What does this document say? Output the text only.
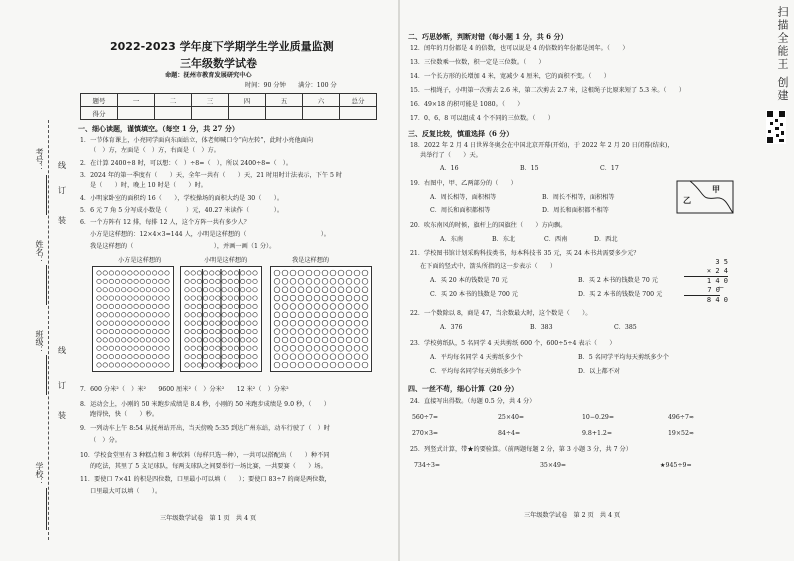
考号：
姓名：
班级：
学校：
线
订
装
线
订
装
2022-2023 学年度下学期学生学业质量监测
三年级数学试卷
命题：抚州市教育发展研究中心
时间：90 分钟　　满分：100 分
题号	一	二	三	四	五	六	总分
得分							
一、细心读题，谨慎填空。（每空 1 分，共 27 分）
1．一节体育课上，小亮同学面向东面站立，体老师喊口令“向左转”，此时小亮他面向
（　）方，左面是（　）方，右面是（　）方。
2．在计算 2400÷8 时，可以想：（　）÷8=（　），所以 2400÷8=（　）。
3．2024 年的第一季度有（　　）天，全年一共有（　　）天，21 时用时计法表示，下午 5 时
是（　　）时，晚上 10 时是（　　）时。
4．小明家卧室的面积约 16（　　），学校操场的面积大约是 30（　　）。
5．6 元 7 角 5 分写成小数是（　　　）元，40.27 米读作（　　　　）。
6．一个方阵有 12 排，每排 12 人，这个方阵一共有多少人？
小方是这样想的：12×4×3=144 人，小明是这样想的（　　　　　　　　　　　　）。
我是这样想的（　　　　　　　　　　　　　），并画一画（1 分）。
小方是这样想的	小明是这样想的	我是这样想的
7．600 分米²（　）米²　　9600 厘米²（　）分米²　　12 米²（　）分米²
8．运动会上，小刚的 50 米跑步成绩是 8.4 秒，小刚的 50 米跑步成绩是 9.0 秒，（　　）
跑得快，快（　　）秒。
9．一列动车上午 8:54 从抚州站开出，当天傍晚 5:35 到达广州东站，动车行驶了（　）时
（　）分。
10．学校食堂里有 3 种糕点和 3 种饮料（每样只选一种），一共可以搭配出（　　）种不同
的吃法，其里了 5 支足球队，每两支球队之间要举行一场比赛，一共要赛（　　）场。
11．要使口 7×41 的积是四位数，口里最小可以填（　　）；要使口 83÷7 的商是两位数，
口里最大可以填（　　）。
三年级数学试卷　第 1 页　共 4 页
二、巧思妙断，判断对错（每小题 1 分，共 6 分）
12．闰年的月份都是 4 的倍数，也可以说是 4 的倍数的年份都是闰年。（　　）
13．三位数乘一位数，积一定是三位数。（　　）
14．一个长方形的长增加 4 米，宽减少 4 厘米，它的面积不变。（　　）
15．一根绳子，小明第一次剪去 2.6 米，第二次剪去 2.7 米，这根绳子比原来短了 5.3 米。（　　）
16．49×18 的积可能是 1080。（　　）
17．0、6、8 可以组成 4 个不同的三位数。（　　）
三、反复比较，慎重选择（6 分）
18．2022 年 2 月 4 日世界冬奥会在中国北京开幕(开始)，于 2022 年 2 月 20 日闭幕(结束)，
共举行了（　　）天。
A．16	B．15	C．17
19．右图中，甲、乙两部分的（　　）
A．周长相等，面积相等	B．周长不相等，面积相等
C．周长和面积都相等	D．周长和面积都不相等
乙
甲
20．吹东南风的时候，旗杆上的国旗往（　　）方向飘。
A．东南	B．东北	C．西南	D．西北
21．学校图书馆计划采购科技类书，每本科技书 35 元，买 24 本书共需要多少元？
在下面的竖式中，箭头所指的这一步表示（　　）
A．买 20 本的钱数是 70 元	B．买 2 本书的钱数是 70 元
C．买 20 本书的钱数是 700 元	D．买 2 本书的钱数是 700 元
3 5
× 2 4
1 4 0
7 0
8 4 0
←
22．一个数除以 8，商是 47，当余数最大时，这个数是（　　）。
A．376	B．383	C．385
23．学校剪纸队，5 名同学 4 天共剪纸 600 个，600÷5÷4 表示（　　）
A．平均每名同学 4 天剪纸多少个	B．5 名同学平均每天剪纸多少个
C．平均每名同学每天剪纸多少个	D．以上都不对
四、一丝不苟，细心计算（20 分）
24．直接写出得数。（每题 0.5 分，共 4 分）
560÷7=	25×40=	10−0.29=	496÷7≈
270×3=	84÷4=	9.8+1.2=	19×52≈
25．列竖式计算，带★的要验算。（前两题每题 2 分，第 3 小题 3 分，共 7 分）
734÷3=	35×49=	★945÷9=
三年级数学试卷　第 2 页　共 4 页
扫描全能王 创建
